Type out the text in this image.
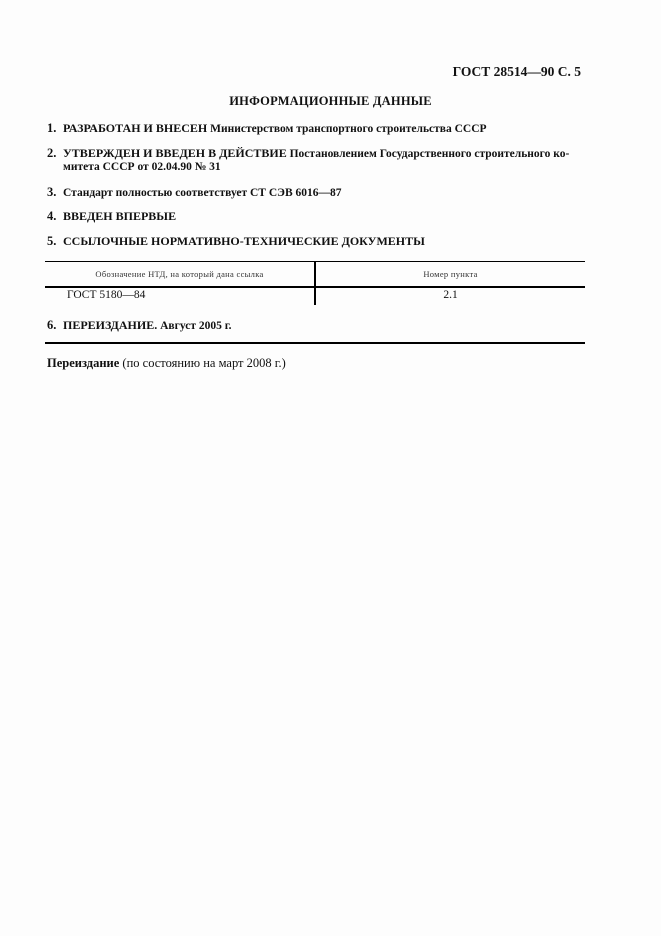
ГОСТ 28514—90 С. 5
ИНФОРМАЦИОННЫЕ ДАННЫЕ
1. РАЗРАБОТАН И ВНЕСЕН Министерством транспортного строительства СССР
2. УТВЕРЖДЕН И ВВЕДЕН В ДЕЙСТВИЕ Постановлением Государственного строительного ко-
митета СССР от 02.04.90 № 31
3. Стандарт полностью соответствует СТ СЭВ 6016—87
4. ВВЕДЕН ВПЕРВЫЕ
5. ССЫЛОЧНЫЕ НОРМАТИВНО-ТЕХНИЧЕСКИЕ ДОКУМЕНТЫ
Обозначение НТД, на который дана ссылка	Номер пункта
ГОСТ 5180—84	2.1
6. ПЕРЕИЗДАНИЕ. Август 2005 г.
Переиздание (по состоянию на март 2008 г.)
